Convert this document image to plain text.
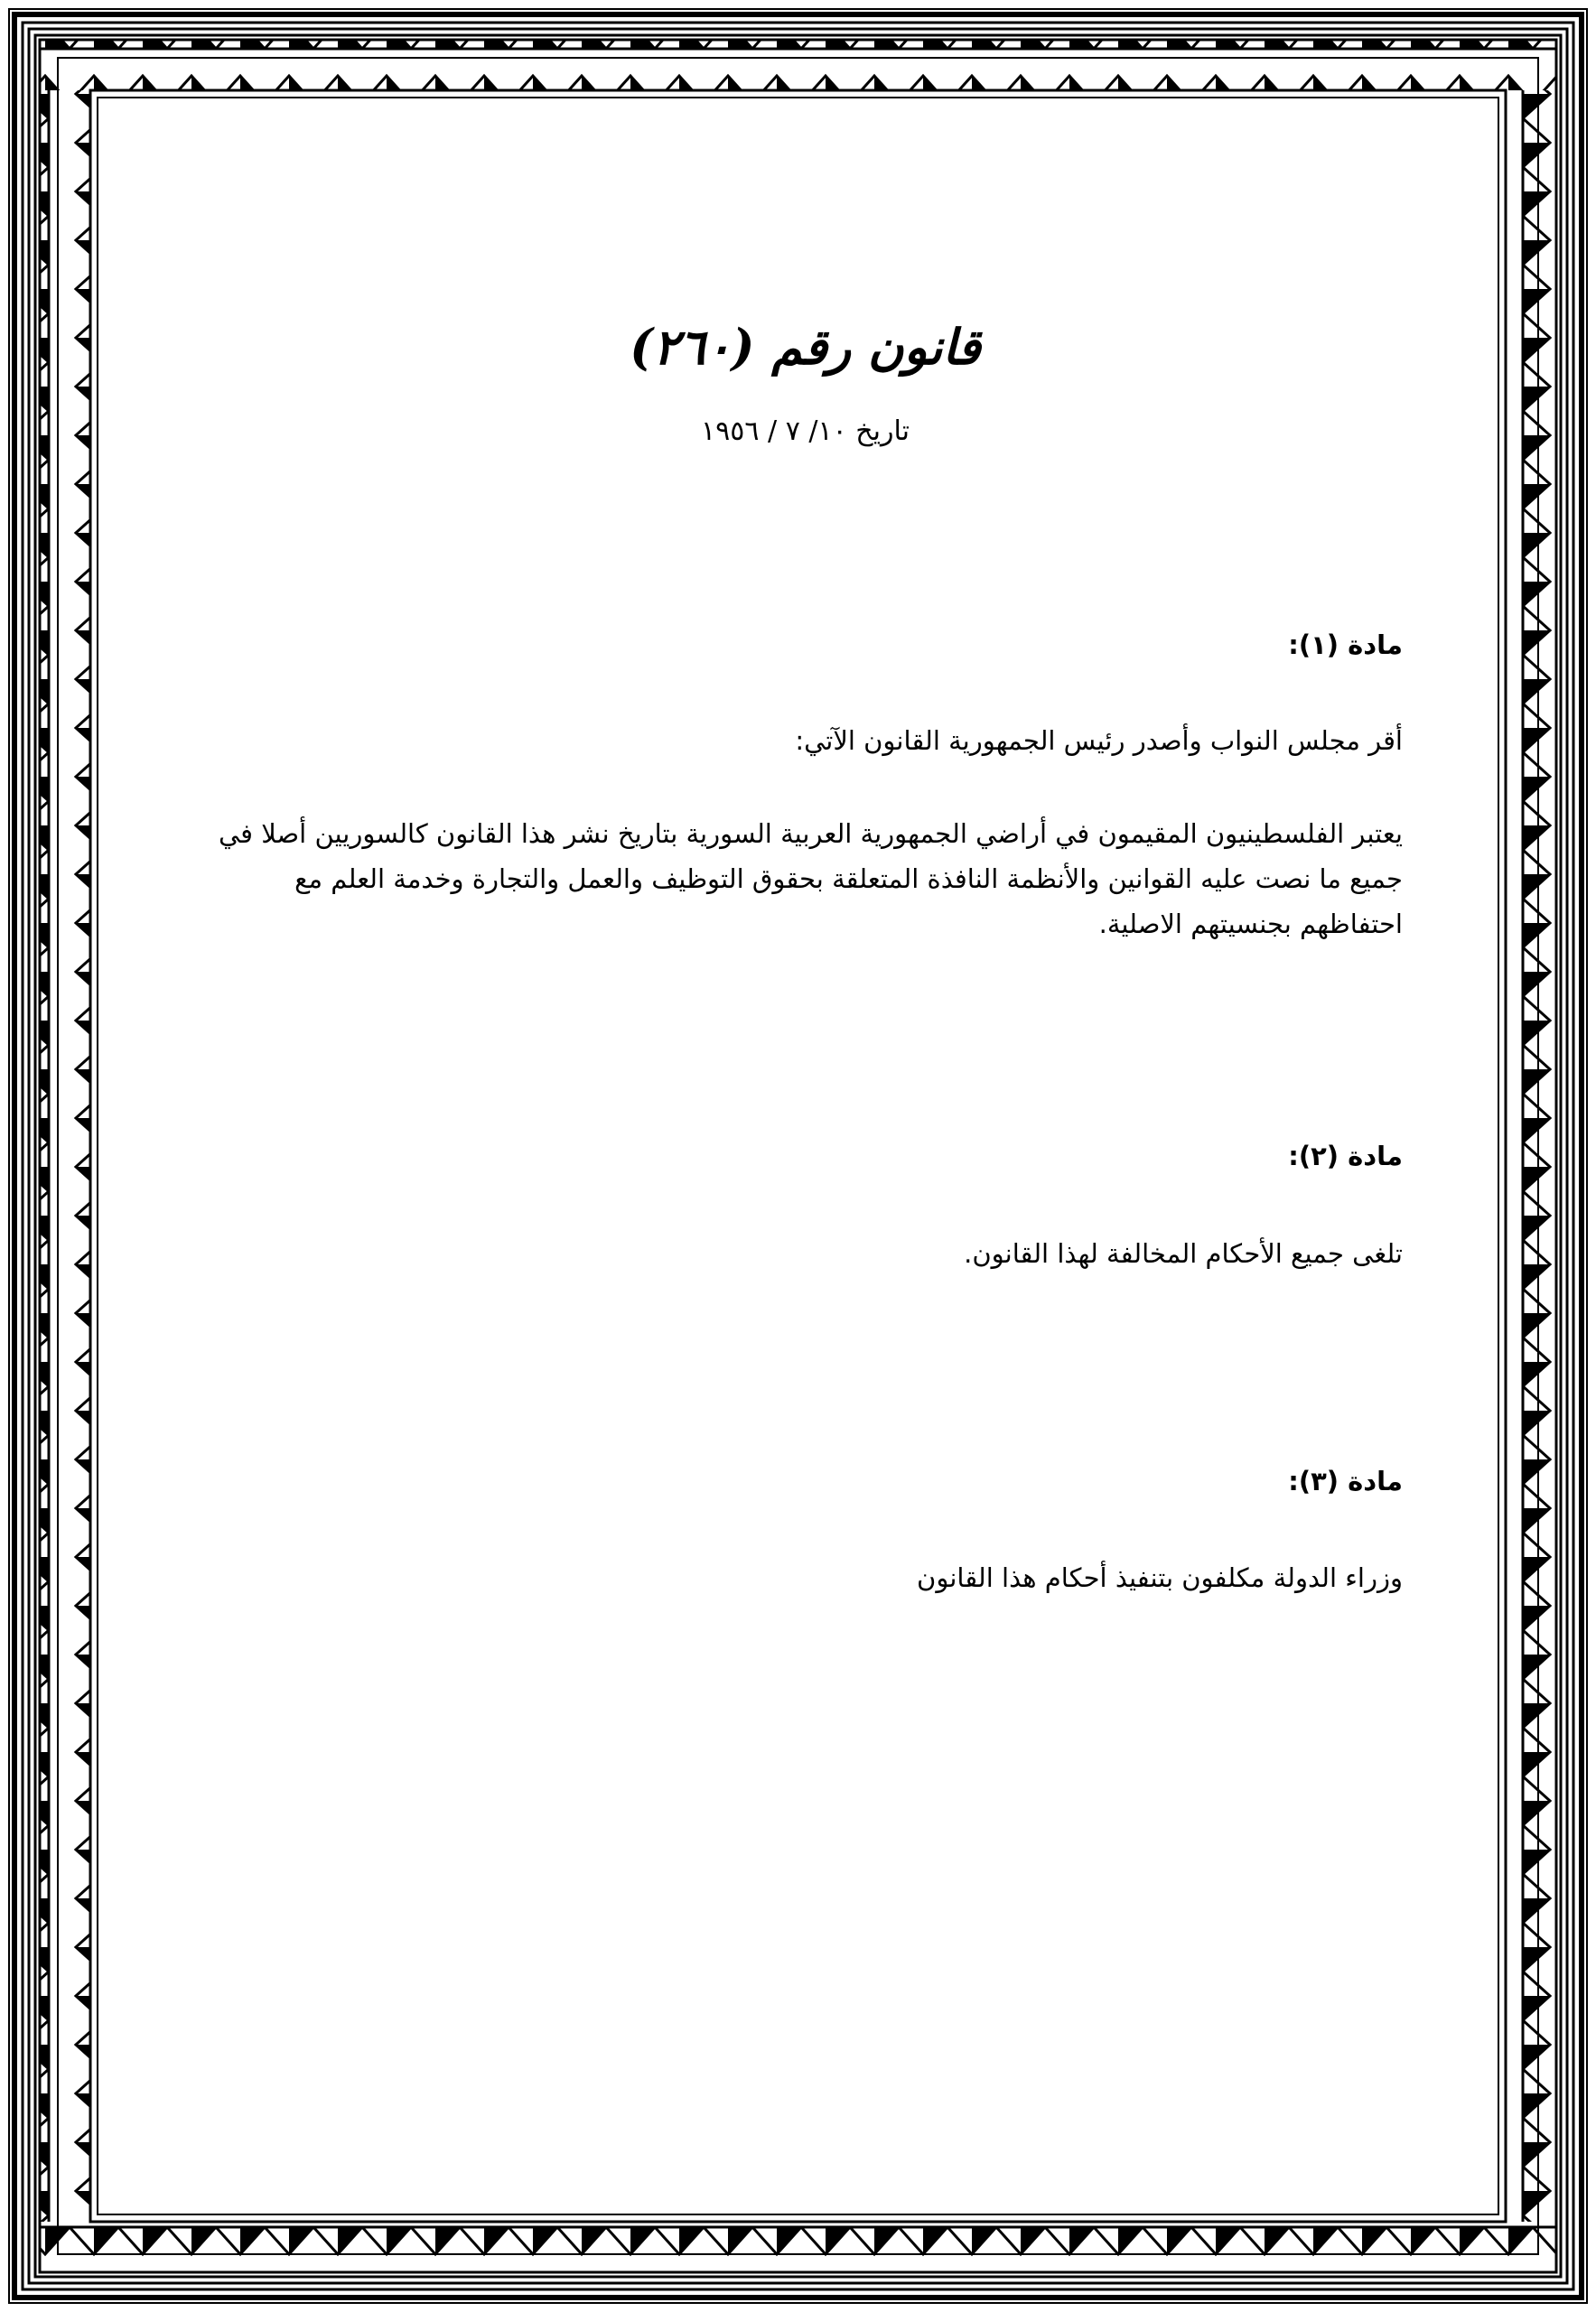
قانون رقم (٢٦٠)
تاريخ ١٠/ ٧ / ١٩٥٦
مادة (١):
أقر مجلس النواب وأصدر رئيس الجمهورية القانون الآتي:
يعتبر الفلسطينيون المقيمون في أراضي الجمهورية العربية السورية بتاريخ نشر هذا القانون كالسوريين أصلا في جميع ما نصت عليه القوانين والأنظمة النافذة المتعلقة بحقوق التوظيف والعمل والتجارة وخدمة العلم مع احتفاظهم بجنسيتهم الاصلية.
مادة (٢):
تلغى جميع الأحكام المخالفة لهذا القانون.
مادة (٣):
وزراء الدولة مكلفون بتنفيذ أحكام هذا القانون
